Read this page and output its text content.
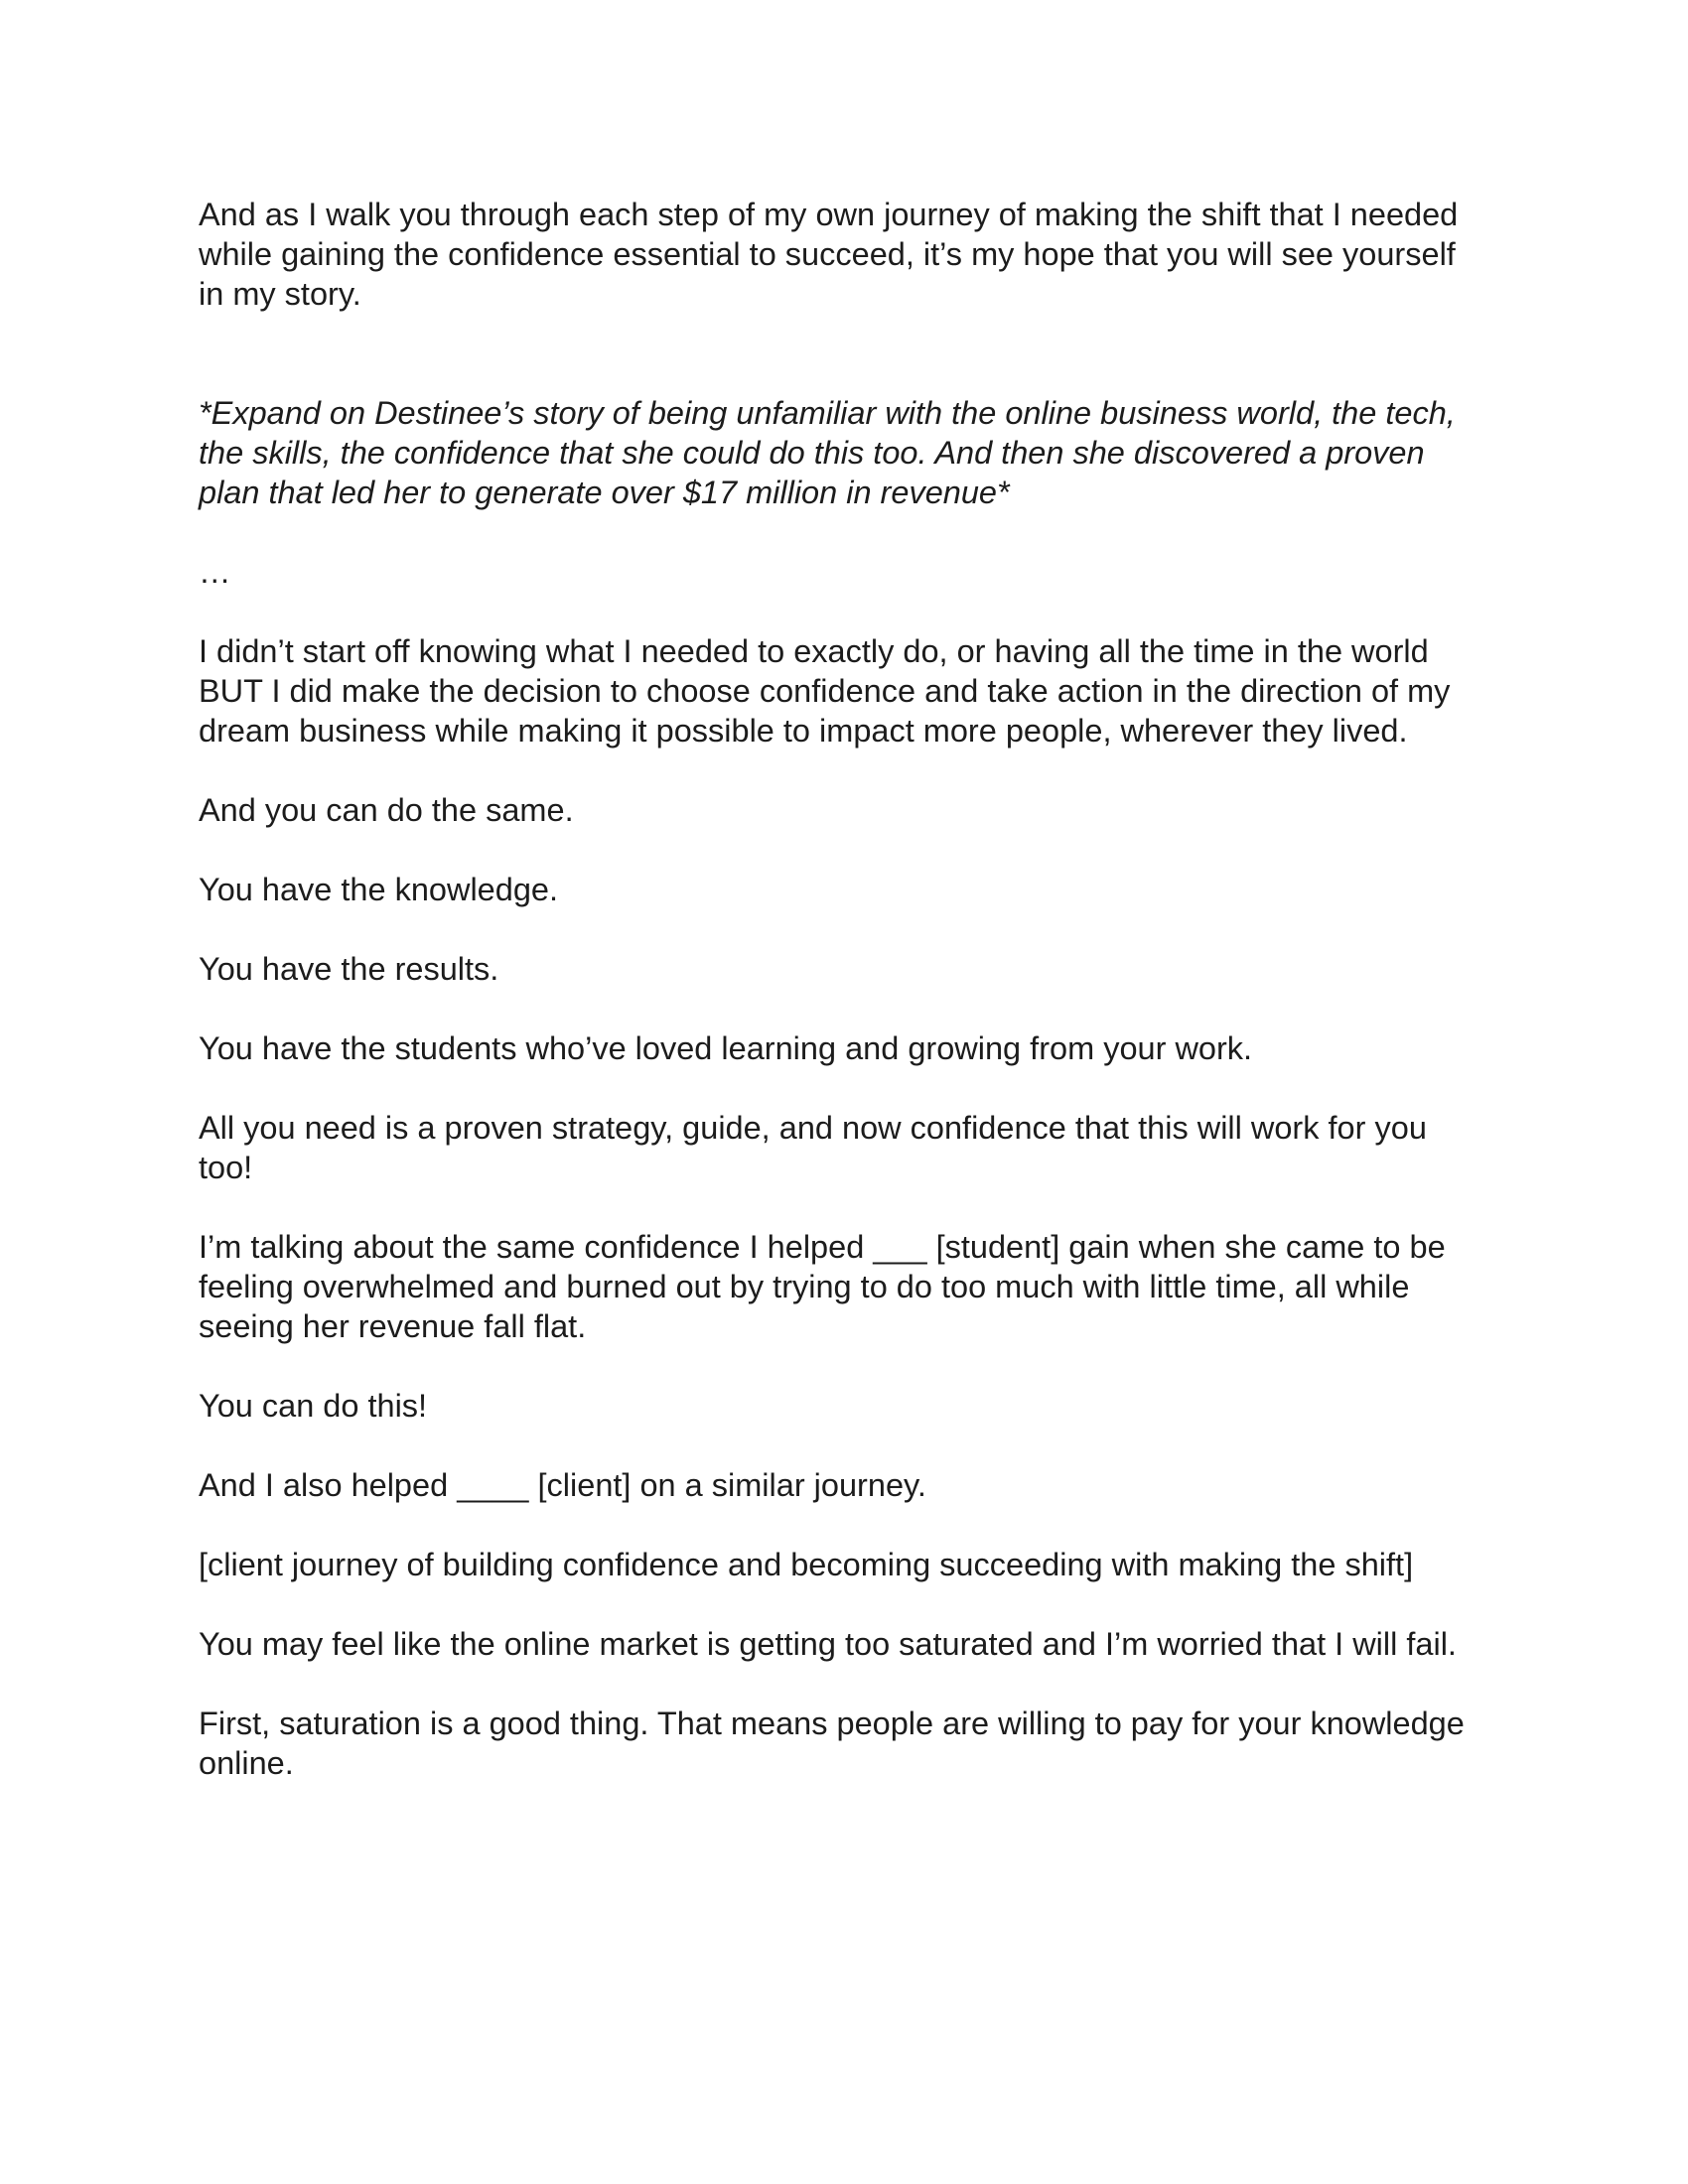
And as I walk you through each step of my own journey of making the shift that I needed while gaining the confidence essential to succeed, it’s my hope that you will see yourself in my story.

*Expand on Destinee’s story of being unfamiliar with the online business world, the tech, the skills, the confidence that she could do this too. And then she discovered a proven plan that led her to generate over $17 million in revenue*

…

I didn’t start off knowing what I needed to exactly do, or having all the time in the world BUT I did make the decision to choose confidence and take action in the direction of my dream business while making it possible to impact more people, wherever they lived.

And you can do the same.

You have the knowledge.

You have the results.

You have the students who’ve loved learning and growing from your work.

All you need is a proven strategy, guide, and now confidence that this will work for you too!

I’m talking about the same confidence I helped ___ [student] gain when she came to be feeling overwhelmed and burned out by trying to do too much with little time, all while seeing her revenue fall flat.

You can do this!

And I also helped ____ [client] on a similar journey.

[client journey of building confidence and becoming succeeding with making the shift]

You may feel like the online market is getting too saturated and I’m worried that I will fail.

First, saturation is a good thing. That means people are willing to pay for your knowledge online.
